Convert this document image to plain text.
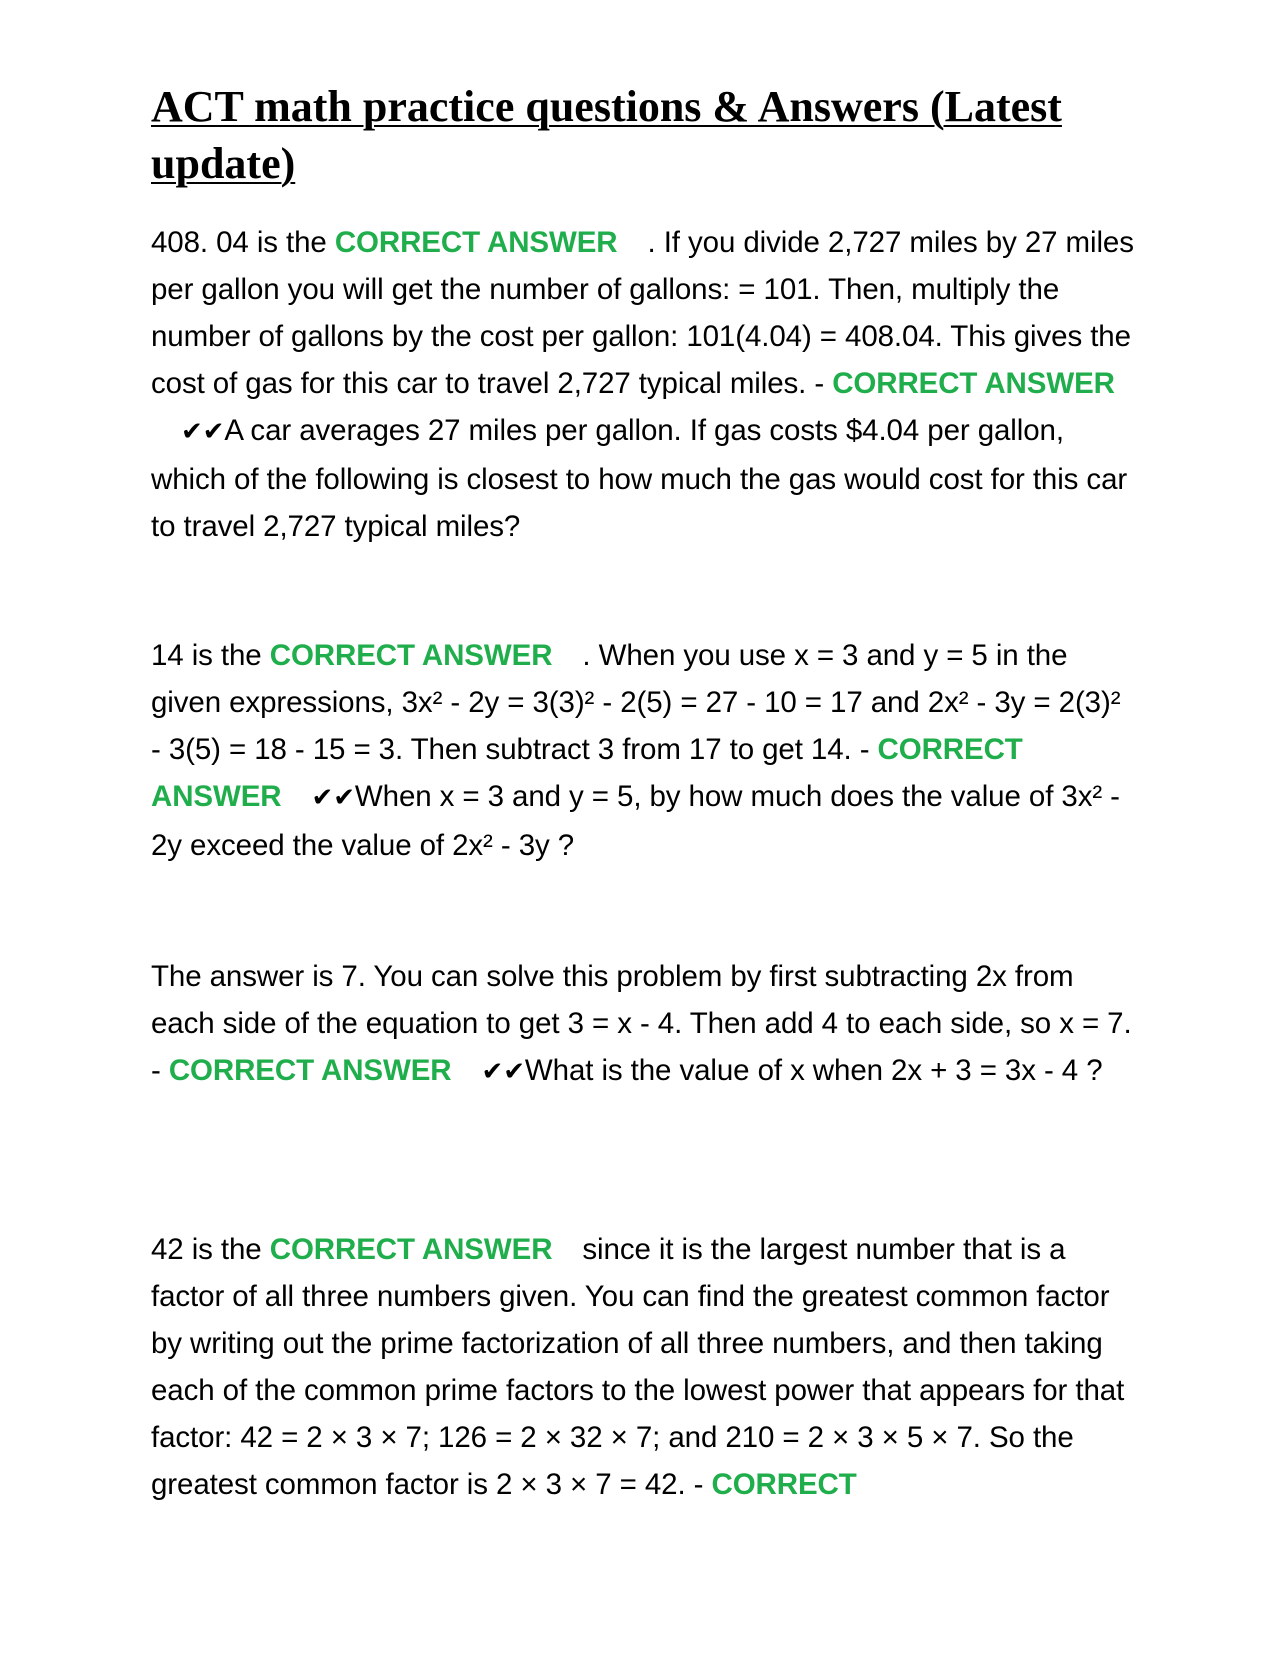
ACT math practice questions & Answers (Latest update)

408. 04 is the CORRECT ANSWER . If you divide 2,727 miles by 27 miles per gallon you will get the number of gallons: = 101. Then, multiply the number of gallons by the cost per gallon: 101(4.04) = 408.04. This gives the cost of gas for this car to travel 2,727 typical miles. - CORRECT ANSWER✔✔A car averages 27 miles per gallon. If gas costs $4.04 per gallon, which of the following is closest to how much the gas would cost for this car to travel 2,727 typical miles?

14 is the CORRECT ANSWER . When you use x = 3 and y = 5 in the given expressions, 3x² - 2y = 3(3)² - 2(5) = 27 - 10 = 17 and 2x² - 3y = 2(3)² - 3(5) = 18 - 15 = 3. Then subtract 3 from 17 to get 14. - CORRECT ANSWER ✔✔When x = 3 and y = 5, by how much does the value of 3x² - 2y exceed the value of 2x² - 3y ?

The answer is 7. You can solve this problem by first subtracting 2x from each side of the equation to get 3 = x - 4. Then add 4 to each side, so x = 7. - CORRECT ANSWER ✔✔What is the value of x when 2x + 3 = 3x - 4 ?

42 is the CORRECT ANSWER since it is the largest number that is a factor of all three numbers given. You can find the greatest common factor by writing out the prime factorization of all three numbers, and then taking each of the common prime factors to the lowest power that appears for that factor: 42 = 2 × 3 × 7; 126 = 2 × 32 × 7; and 210 = 2 × 3 × 5 × 7. So the greatest common factor is 2 × 3 × 7 = 42. - CORRECT
